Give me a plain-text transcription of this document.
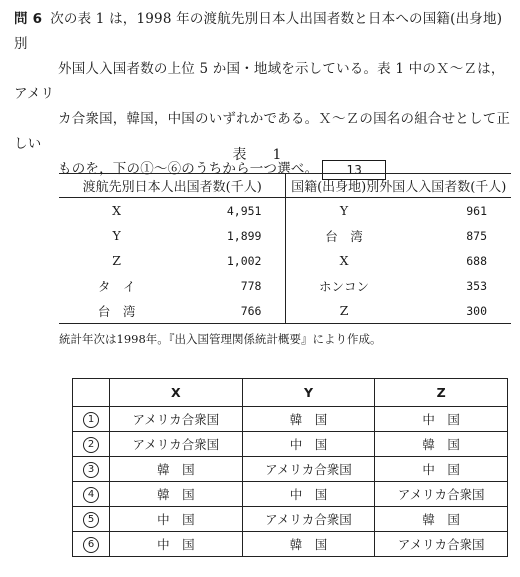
問 6 次の表 1 は，1998 年の渡航先別日本人出国者数と日本への国籍(出身地)別
外国人入国者数の上位 5 か国・地域を示している。表 1 中のＸ～Ｚは，アメリ
カ合衆国，韓国，中国のいずれかである。Ｘ～Ｚの国名の組合せとして正しい
ものを，下の①～⑥のうちから一つ選べ。 13
表　1
渡航先別日本人出国者数(千人)		国籍(出身地)別外国人入国者数(千人)	
X	4,951	Y	961
Y	1,899	台　湾	875
Z	1,002	X	688
タ　イ	778	ホンコン	353
台　湾	766	Z	300
統計年次は1998年。『出入国管理関係統計概要』により作成。
	X	Y	Z
1	アメリカ合衆国	韓　国	中　国
2	アメリカ合衆国	中　国	韓　国
3	韓　国	アメリカ合衆国	中　国
4	韓　国	中　国	アメリカ合衆国
5	中　国	アメリカ合衆国	韓　国
6	中　国	韓　国	アメリカ合衆国
